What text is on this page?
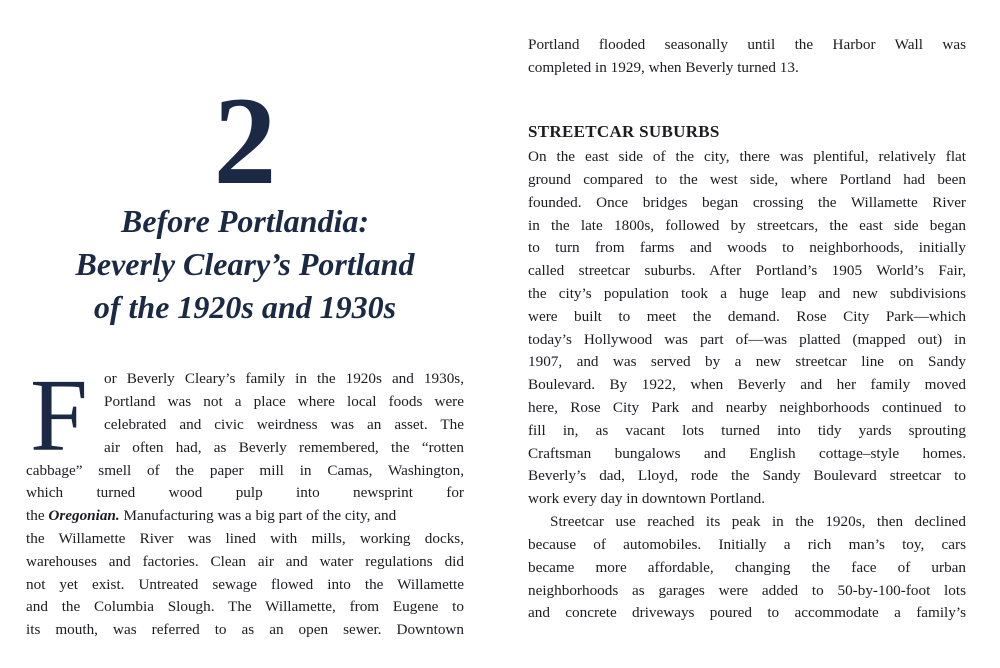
2
Before Portlandia:
Beverly Cleary’s Portland
of the 1920s and 1930s
F or Beverly Cleary’s family in the 1920s and 1930s,
Portland was not a place where local foods were
celebrated and civic weirdness was an asset. The
air often had, as Beverly remembered, the “rotten
cabbage” smell of the paper mill in Camas, Washington,
which turned wood pulp into newsprint for
the Oregonian. Manufacturing was a big part of the city, and
the Willamette River was lined with mills, working docks,
warehouses and factories. Clean air and water regulations did
not yet exist. Untreated sewage flowed into the Willamette
and the Columbia Slough. The Willamette, from Eugene to
its mouth, was referred to as an open sewer. Downtown
Portland flooded seasonally until the Harbor Wall was
completed in 1929, when Beverly turned 13.
STREETCAR SUBURBS
On the east side of the city, there was plentiful, relatively flat
ground compared to the west side, where Portland had been
founded. Once bridges began crossing the Willamette River
in the late 1800s, followed by streetcars, the east side began
to turn from farms and woods to neighborhoods, initially
called streetcar suburbs. After Portland’s 1905 World’s Fair,
the city’s population took a huge leap and new subdivisions
were built to meet the demand. Rose City Park—which
today’s Hollywood was part of—was platted (mapped out) in
1907, and was served by a new streetcar line on Sandy
Boulevard. By 1922, when Beverly and her family moved
here, Rose City Park and nearby neighborhoods continued to
fill in, as vacant lots turned into tidy yards sprouting
Craftsman bungalows and English cottage–style homes.
Beverly’s dad, Lloyd, rode the Sandy Boulevard streetcar to
work every day in downtown Portland.
Streetcar use reached its peak in the 1920s, then declined
because of automobiles. Initially a rich man’s toy, cars
became more affordable, changing the face of urban
neighborhoods as garages were added to 50-by-100-foot lots
and concrete driveways poured to accommodate a family’s
